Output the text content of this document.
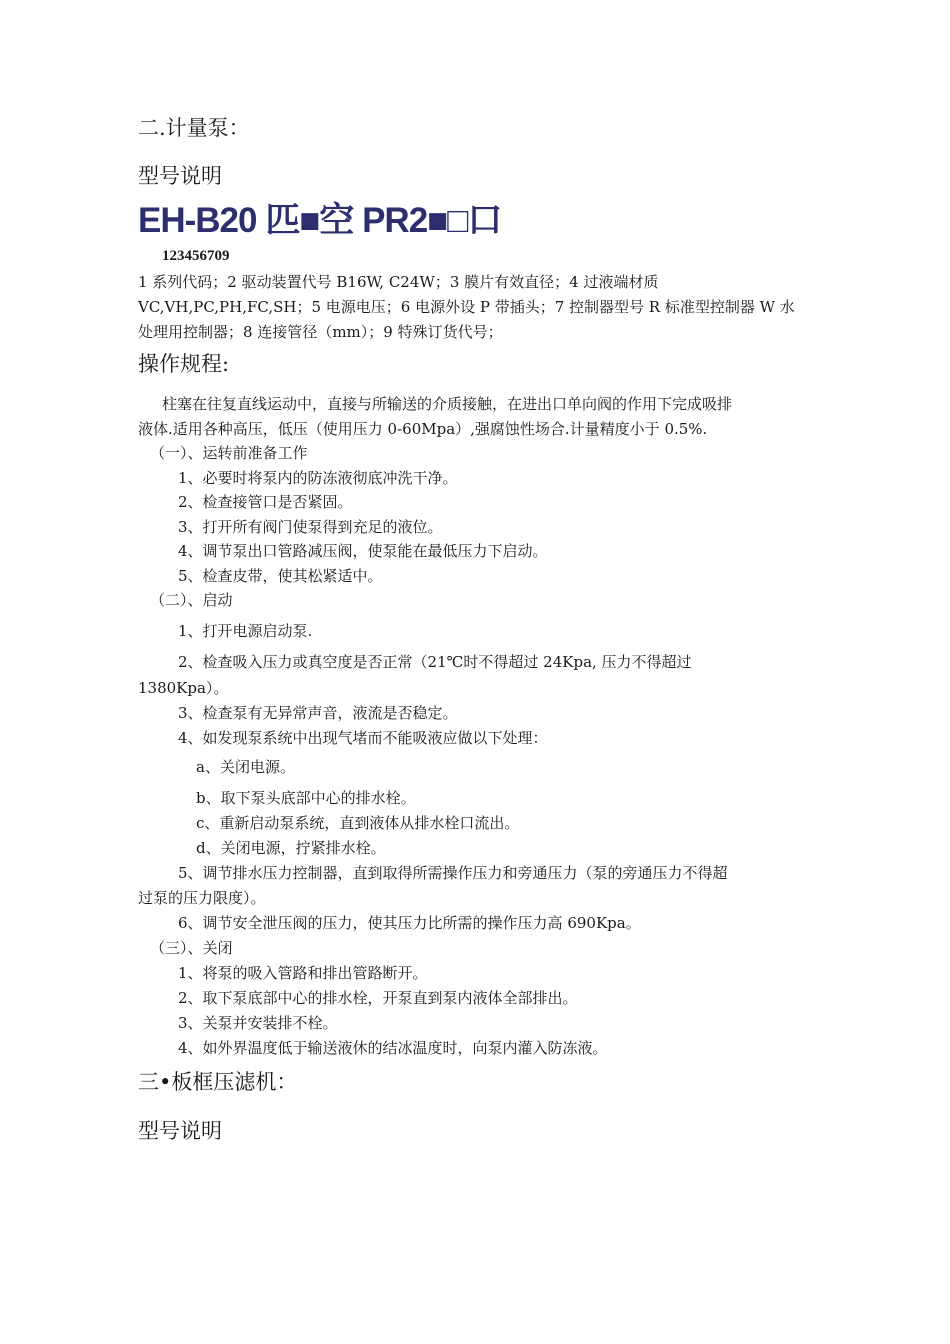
二.计量泵：
型号说明
EH-B20 匹■空 PR2■□口
123456709
1 系列代码；2 驱动装置代号 B16W, C24W；3 膜片有效直径；4 过液端材质
VC,VH,PC,PH,FC,SH；5 电源电压；6 电源外设 P 带插头；7 控制器型号 R 标准型控制器 W 水
处理用控制器；8 连接管径（mm）；9 特殊订货代号；
操作规程:
柱塞在往复直线运动中，直接与所输送的介质接触，在进出口单向阀的作用下完成吸排
液体.适用各种高压，低压（使用压力 0-60Mpa）,强腐蚀性场合.计量精度小于 0.5%.
（一）、运转前准备工作
1、必要时将泵内的防冻液彻底冲洗干净。
2、检查接管口是否紧固。
3、打开所有阀门使泵得到充足的液位。
4、调节泵出口管路减压阀，使泵能在最低压力下启动。
5、检查皮带，使其松紧适中。
（二）、启动
1、打开电源启动泵.
2、检查吸入压力或真空度是否正常（21℃时不得超过 24Kpa, 压力不得超过
1380Kpa）。
3、检查泵有无异常声音，液流是否稳定。
4、如发现泵系统中出现气堵而不能吸液应做以下处理：
a、关闭电源。
b、取下泵头底部中心的排水栓。
c、重新启动泵系统，直到液体从排水栓口流出。
d、关闭电源，拧紧排水栓。
5、调节排水压力控制器，直到取得所需操作压力和旁通压力（泵的旁通压力不得超
过泵的压力限度）。
6、调节安全泄压阀的压力，使其压力比所需的操作压力高 690Kpa。
（三）、关闭
1、将泵的吸入管路和排出管路断开。
2、取下泵底部中心的排水栓，开泵直到泵内液体全部排出。
3、关泵并安装排不栓。
4、如外界温度低于输送液休的结冰温度时，向泵内灌入防冻液。
三•板框压滤机：
型号说明
